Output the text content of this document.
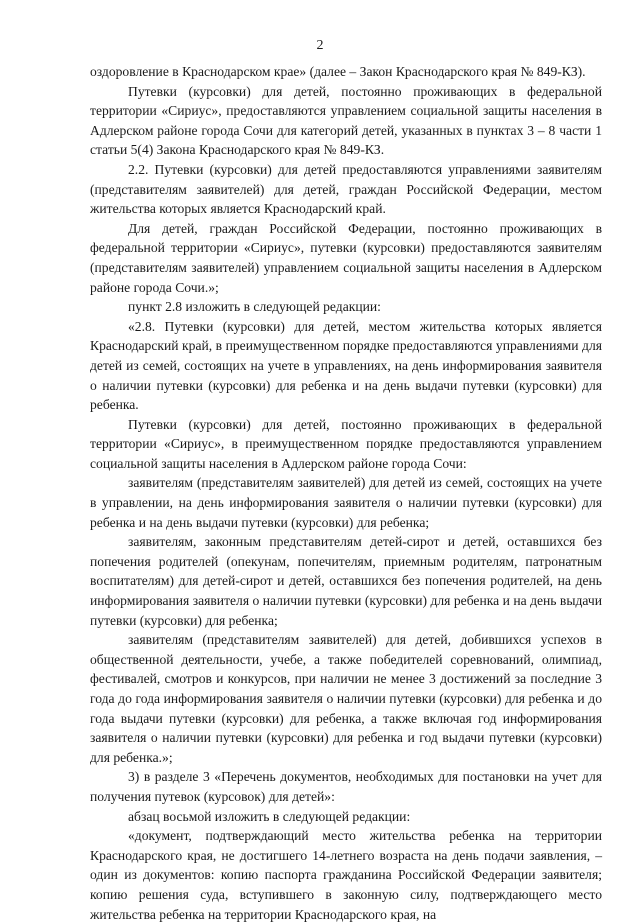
2

оздоровление в Краснодарском крае» (далее – Закон Краснодарского края № 849-КЗ).

Путевки (курсовки) для детей, постоянно проживающих в федеральной территории «Сириус», предоставляются управлением социальной защиты населения в Адлерском районе города Сочи для категорий детей, указанных в пунктах 3 – 8 части 1 статьи 5(4) Закона Краснодарского края № 849-КЗ.

2.2. Путевки (курсовки) для детей предоставляются управлениями заявителям (представителям заявителей) для детей, граждан Российской Федерации, местом жительства которых является Краснодарский край.

Для детей, граждан Российской Федерации, постоянно проживающих в федеральной территории «Сириус», путевки (курсовки) предоставляются заявителям (представителям заявителей) управлением социальной защиты населения в Адлерском районе города Сочи.»;

пункт 2.8 изложить в следующей редакции:

«2.8. Путевки (курсовки) для детей, местом жительства которых является Краснодарский край, в преимущественном порядке предоставляются управлениями для детей из семей, состоящих на учете в управлениях, на день информирования заявителя о наличии путевки (курсовки) для ребенка и на день выдачи путевки (курсовки) для ребенка.

Путевки (курсовки) для детей, постоянно проживающих в федеральной территории «Сириус», в преимущественном порядке предоставляются управлением социальной защиты населения в Адлерском районе города Сочи:

заявителям (представителям заявителей) для детей из семей, состоящих на учете в управлении, на день информирования заявителя о наличии путевки (курсовки) для ребенка и на день выдачи путевки (курсовки) для ребенка;

заявителям, законным представителям детей-сирот и детей, оставшихся без попечения родителей (опекунам, попечителям, приемным родителям, патронатным воспитателям) для детей-сирот и детей, оставшихся без попечения родителей, на день информирования заявителя о наличии путевки (курсовки) для ребенка и на день выдачи путевки (курсовки) для ребенка;

заявителям (представителям заявителей) для детей, добившихся успехов в общественной деятельности, учебе, а также победителей соревнований, олимпиад, фестивалей, смотров и конкурсов, при наличии не менее 3 достижений за последние 3 года до года информирования заявителя о наличии путевки (курсовки) для ребенка и до года выдачи путевки (курсовки) для ребенка, а также включая год информирования заявителя о наличии путевки (курсовки) для ребенка и год выдачи путевки (курсовки) для ребенка.»;

3) в разделе 3 «Перечень документов, необходимых для постановки на учет для получения путевок (курсовок) для детей»:

абзац восьмой изложить в следующей редакции:

«документ, подтверждающий место жительства ребенка на территории Краснодарского края, не достигшего 14-летнего возраста на день подачи заявления, – один из документов: копию паспорта гражданина Российской Федерации заявителя; копию решения суда, вступившего в законную силу, подтверждающего место жительства ребенка на территории Краснодарского края, на
